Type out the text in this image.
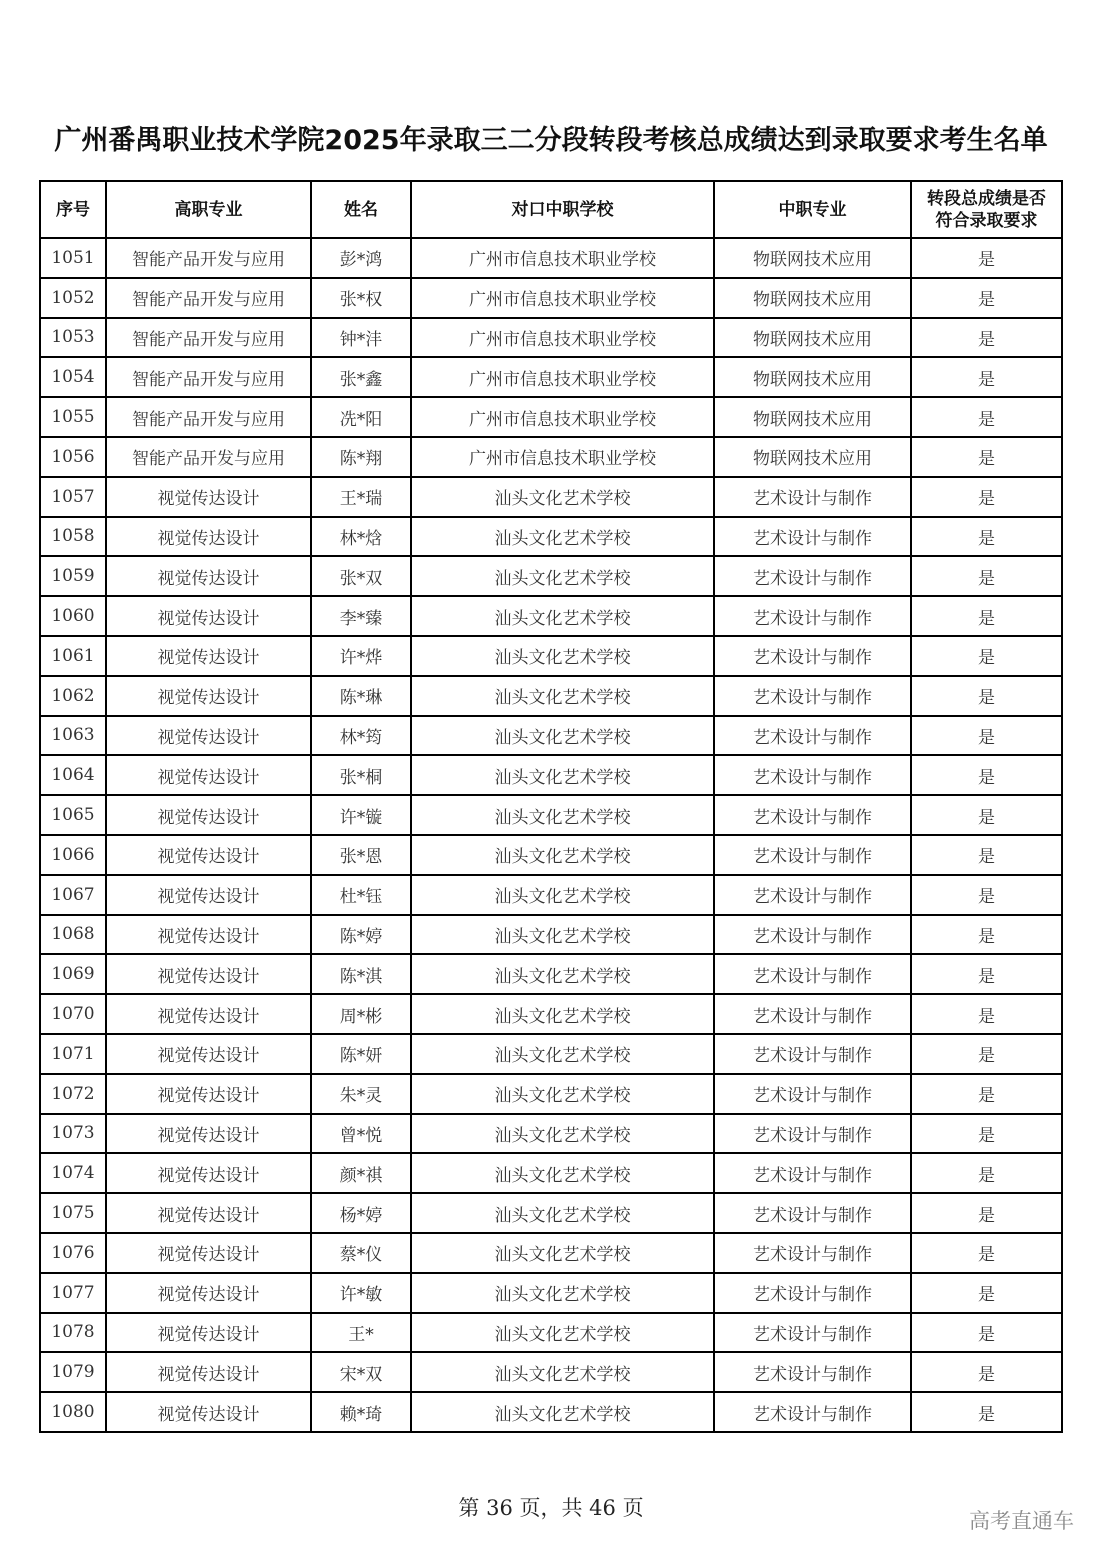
广州番禺职业技术学院2025年录取三二分段转段考核总成绩达到录取要求考生名单
序号	高职专业	姓名	对口中职学校	中职专业	转段总成绩是否符合录取要求
1051	智能产品开发与应用	彭*鸿	广州市信息技术职业学校	物联网技术应用	是
1052	智能产品开发与应用	张*权	广州市信息技术职业学校	物联网技术应用	是
1053	智能产品开发与应用	钟*沣	广州市信息技术职业学校	物联网技术应用	是
1054	智能产品开发与应用	张*鑫	广州市信息技术职业学校	物联网技术应用	是
1055	智能产品开发与应用	冼*阳	广州市信息技术职业学校	物联网技术应用	是
1056	智能产品开发与应用	陈*翔	广州市信息技术职业学校	物联网技术应用	是
1057	视觉传达设计	王*瑞	汕头文化艺术学校	艺术设计与制作	是
1058	视觉传达设计	林*焓	汕头文化艺术学校	艺术设计与制作	是
1059	视觉传达设计	张*双	汕头文化艺术学校	艺术设计与制作	是
1060	视觉传达设计	李*臻	汕头文化艺术学校	艺术设计与制作	是
1061	视觉传达设计	许*烨	汕头文化艺术学校	艺术设计与制作	是
1062	视觉传达设计	陈*琳	汕头文化艺术学校	艺术设计与制作	是
1063	视觉传达设计	林*筠	汕头文化艺术学校	艺术设计与制作	是
1064	视觉传达设计	张*桐	汕头文化艺术学校	艺术设计与制作	是
1065	视觉传达设计	许*镟	汕头文化艺术学校	艺术设计与制作	是
1066	视觉传达设计	张*恩	汕头文化艺术学校	艺术设计与制作	是
1067	视觉传达设计	杜*钰	汕头文化艺术学校	艺术设计与制作	是
1068	视觉传达设计	陈*婷	汕头文化艺术学校	艺术设计与制作	是
1069	视觉传达设计	陈*淇	汕头文化艺术学校	艺术设计与制作	是
1070	视觉传达设计	周*彬	汕头文化艺术学校	艺术设计与制作	是
1071	视觉传达设计	陈*妍	汕头文化艺术学校	艺术设计与制作	是
1072	视觉传达设计	朱*灵	汕头文化艺术学校	艺术设计与制作	是
1073	视觉传达设计	曾*悦	汕头文化艺术学校	艺术设计与制作	是
1074	视觉传达设计	颜*祺	汕头文化艺术学校	艺术设计与制作	是
1075	视觉传达设计	杨*婷	汕头文化艺术学校	艺术设计与制作	是
1076	视觉传达设计	蔡*仪	汕头文化艺术学校	艺术设计与制作	是
1077	视觉传达设计	许*敏	汕头文化艺术学校	艺术设计与制作	是
1078	视觉传达设计	王*	汕头文化艺术学校	艺术设计与制作	是
1079	视觉传达设计	宋*双	汕头文化艺术学校	艺术设计与制作	是
1080	视觉传达设计	赖*琦	汕头文化艺术学校	艺术设计与制作	是
第 36 页，共 46 页
高考直通车
